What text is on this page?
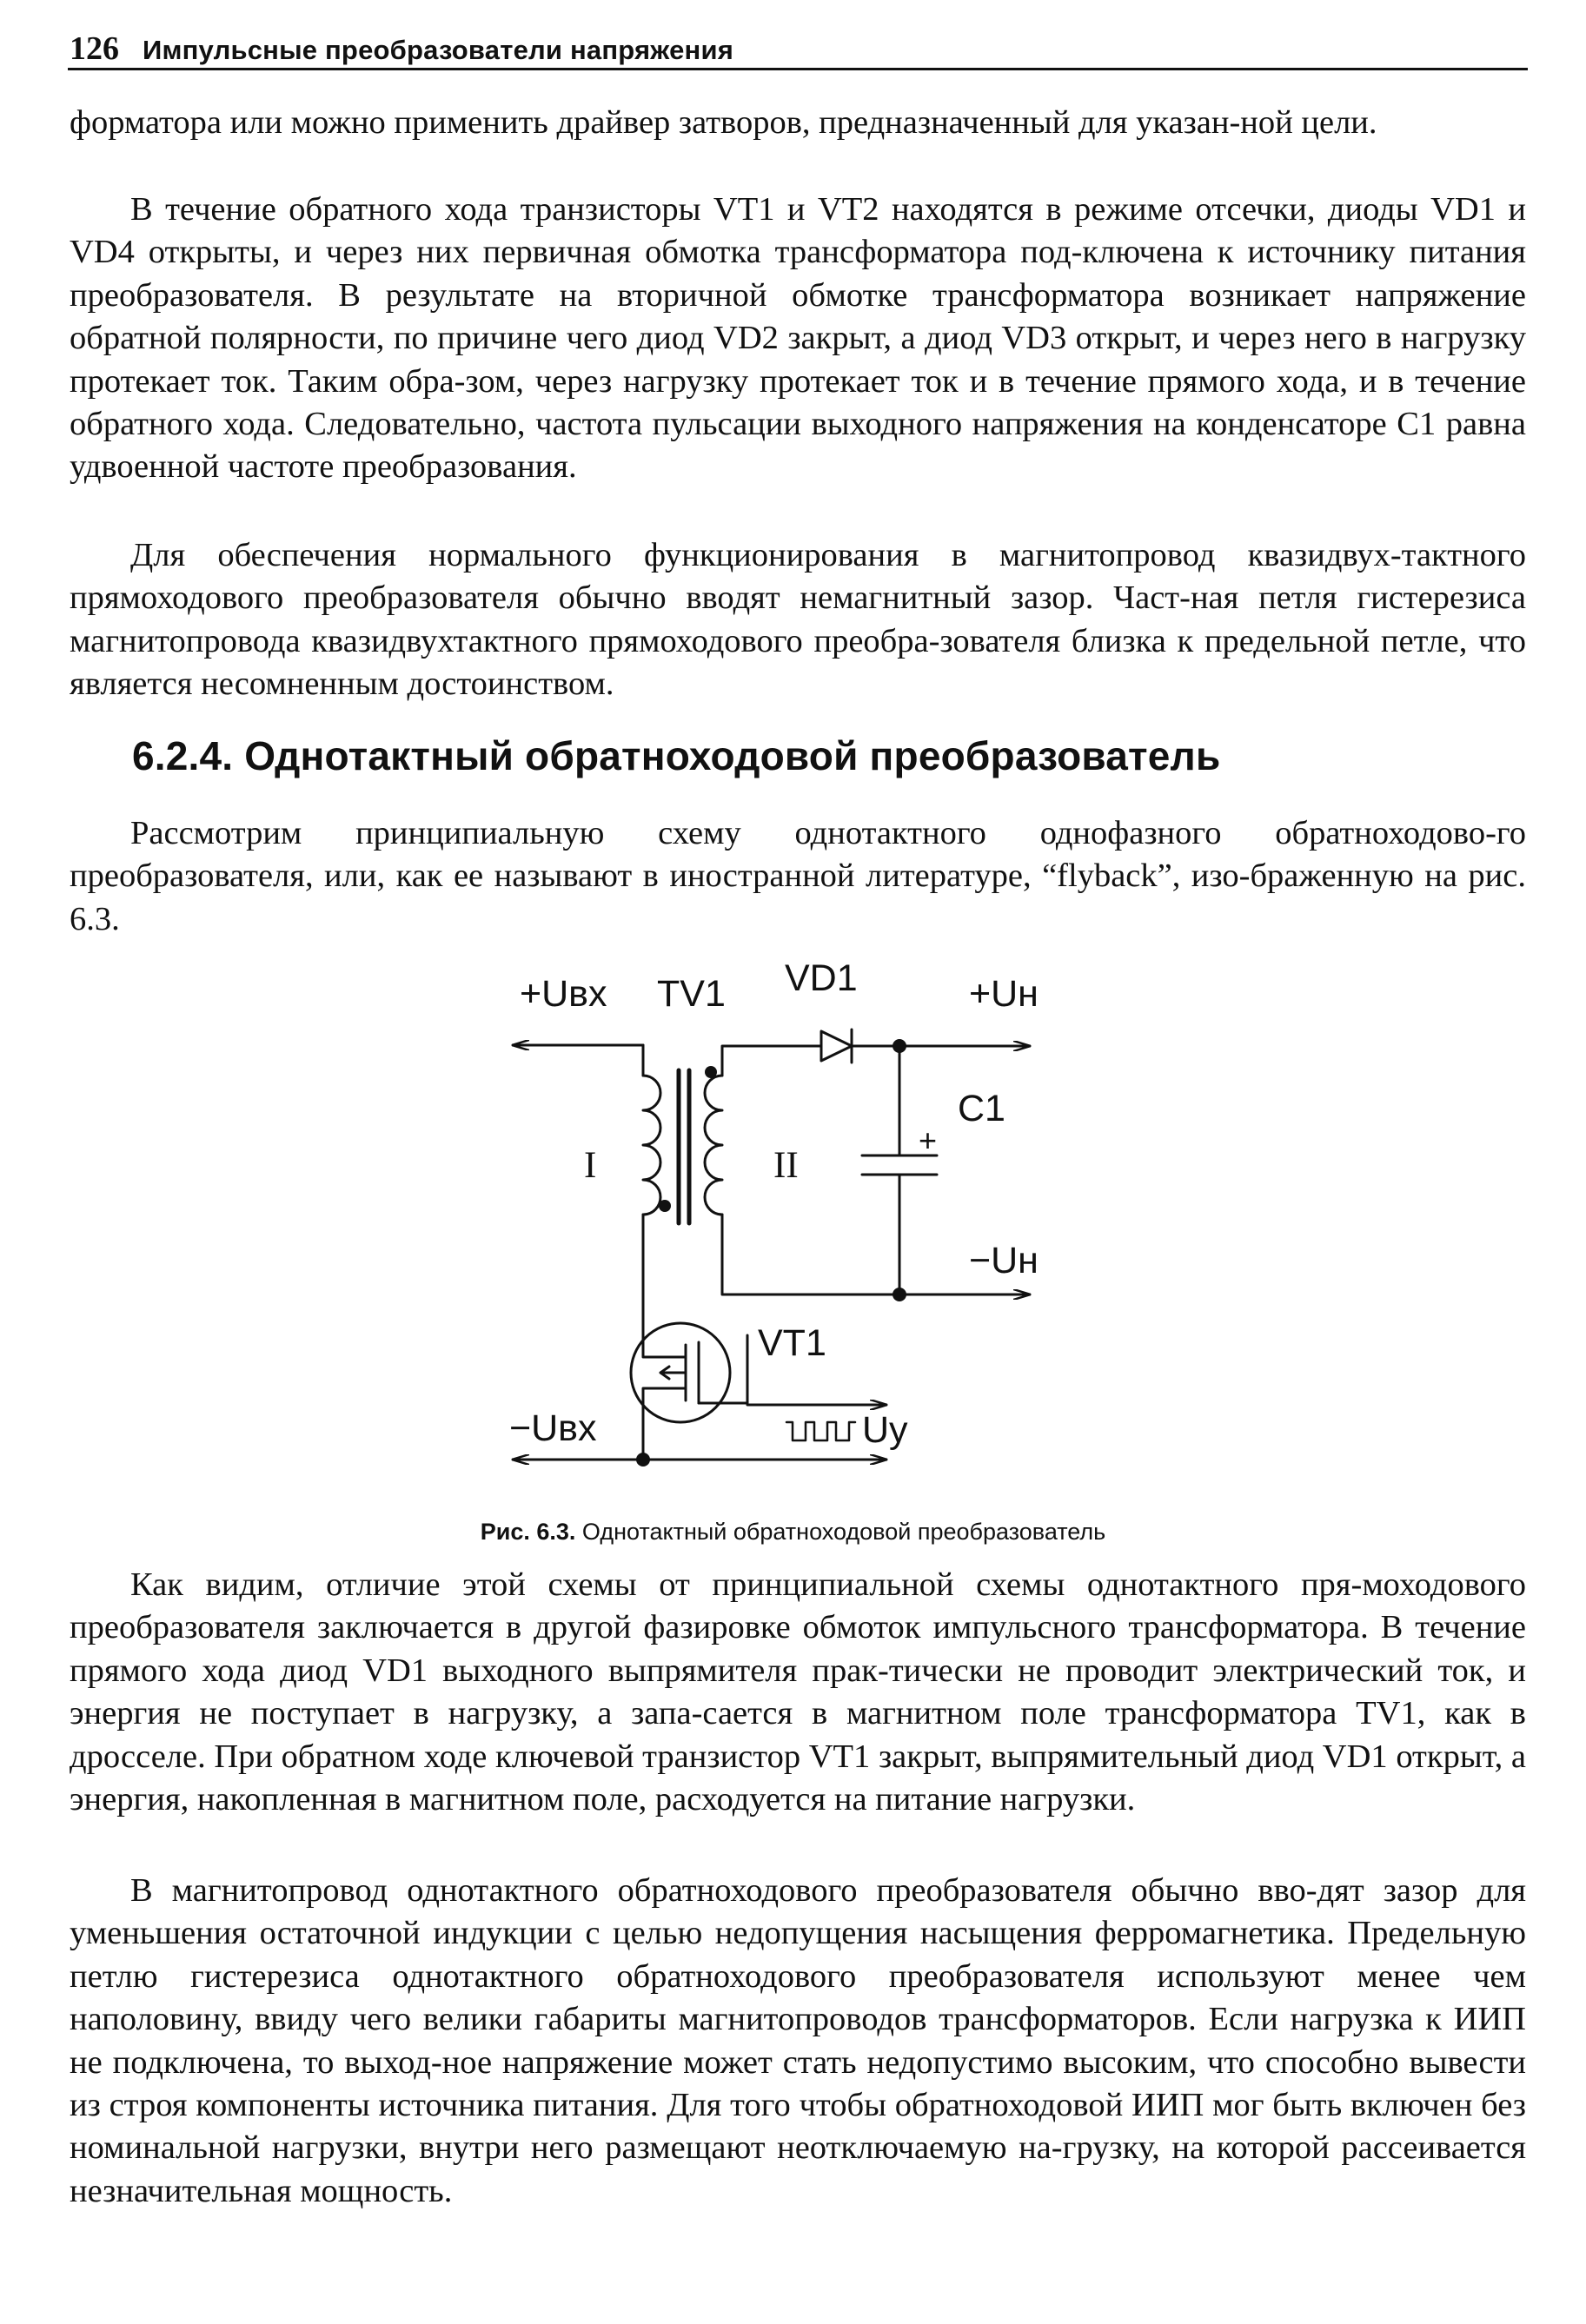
126 Импульсные преобразователи напряжения

форматора или можно применить драйвер затворов, предназначенный для указан-ной цели.

В течение обратного хода транзисторы VT1 и VT2 находятся в режиме отсечки, диоды VD1 и VD4 открыты, и через них первичная обмотка трансформатора под-ключена к источнику питания преобразователя. В результате на вторичной обмотке трансформатора возникает напряжение обратной полярности, по причине чего диод VD2 закрыт, а диод VD3 открыт, и через него в нагрузку протекает ток. Таким обра-зом, через нагрузку протекает ток и в течение прямого хода, и в течение обратного хода. Следовательно, частота пульсации выходного напряжения на конденсаторе C1 равна удвоенной частоте преобразования.

Для обеспечения нормального функционирования в магнитопровод квазидвух-тактного прямоходового преобразователя обычно вводят немагнитный зазор. Част-ная петля гистерезиса магнитопровода квазидвухтактного прямоходового преобра-зователя близка к предельной петле, что является несомненным достоинством.

6.2.4. Однотактный обратноходовой преобразователь

Рассмотрим принципиальную схему однотактного однофазного обратноходово-го преобразователя, или, как ее называют в иностранной литературе, “flyback”, изо-браженную на рис. 6.3.

+Uвх TV1 VD1	+Uн
C1
+
I	II
−Uн
VT1
−Uвх	Uy
Рис. 6.3. Однотактный обратноходовой преобразователь

Как видим, отличие этой схемы от принципиальной схемы однотактного пря-моходового преобразователя заключается в другой фазировке обмоток импульсного трансформатора. В течение прямого хода диод VD1 выходного выпрямителя прак-тически не проводит электрический ток, и энергия не поступает в нагрузку, а запа-сается в магнитном поле трансформатора TV1, как в дросселе. При обратном ходе ключевой транзистор VT1 закрыт, выпрямительный диод VD1 открыт, а энергия, накопленная в магнитном поле, расходуется на питание нагрузки.

В магнитопровод однотактного обратноходового преобразователя обычно вво-дят зазор для уменьшения остаточной индукции с целью недопущения насыщения ферромагнетика. Предельную петлю гистерезиса однотактного обратноходового преобразователя используют менее чем наполовину, ввиду чего велики габариты магнитопроводов трансформаторов. Если нагрузка к ИИП не подключена, то выход-ное напряжение может стать недопустимо высоким, что способно вывести из строя компоненты источника питания. Для того чтобы обратноходовой ИИП мог быть включен без номинальной нагрузки, внутри него размещают неотключаемую на-грузку, на которой рассеивается незначительная мощность.
